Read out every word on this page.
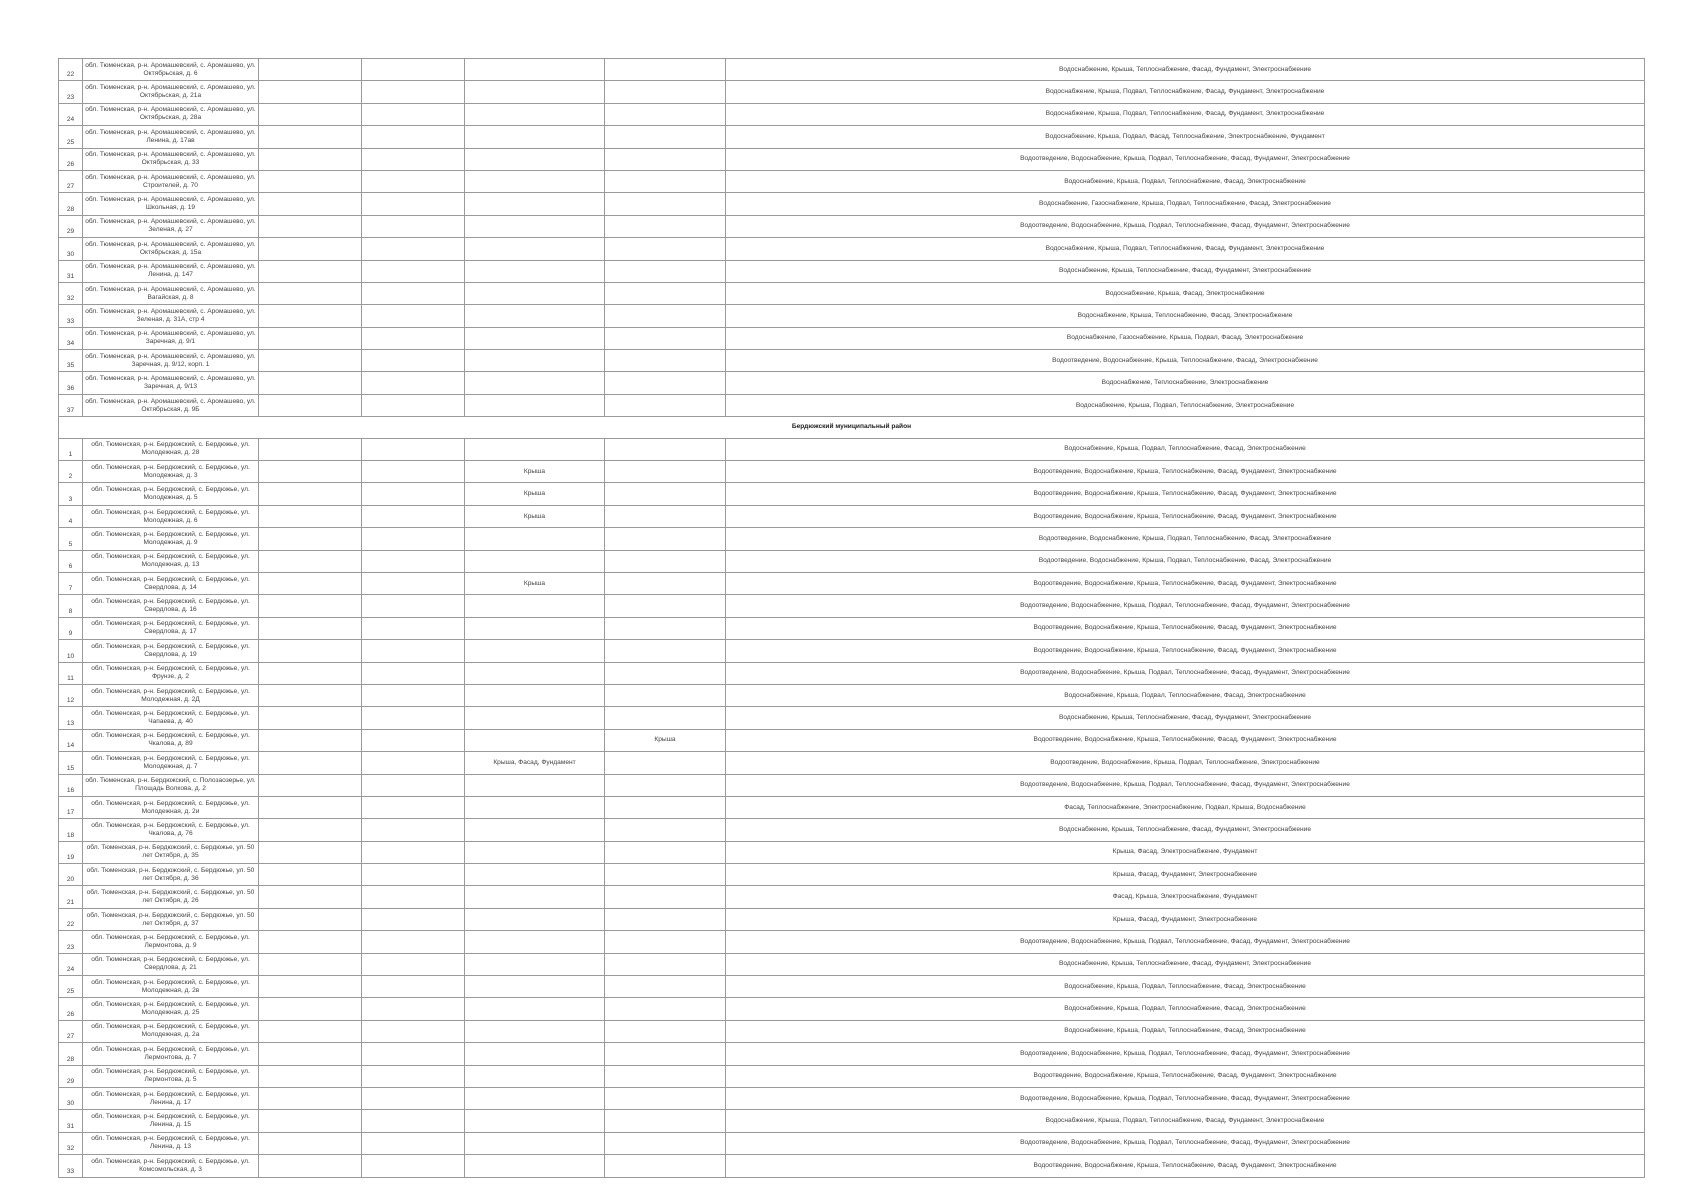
22	обл. Тюменская, р-н. Аромашевский, с. Аромашево, ул. Октябрьская, д. 6					Водоснабжение, Крыша, Теплоснабжение, Фасад, Фундамент, Электроснабжение
23	обл. Тюменская, р-н. Аромашевский, с. Аромашево, ул. Октябрьская, д. 21а					Водоснабжение, Крыша, Подвал, Теплоснабжение, Фасад, Фундамент, Электроснабжение
24	обл. Тюменская, р-н. Аромашевский, с. Аромашево, ул. Октябрьская, д. 28а					Водоснабжение, Крыша, Подвал, Теплоснабжение, Фасад, Фундамент, Электроснабжение
25	обл. Тюменская, р-н. Аромашевский, с. Аромашево, ул. Ленина, д. 17ав					Водоснабжение, Крыша, Подвал, Фасад, Теплоснабжение, Электроснабжение, Фундамент
26	обл. Тюменская, р-н. Аромашевский, с. Аромашево, ул. Октябрьская, д. 33					Водоотведение, Водоснабжение, Крыша, Подвал, Теплоснабжение, Фасад, Фундамент, Электроснабжение
27	обл. Тюменская, р-н. Аромашевский, с. Аромашево, ул. Строителей, д. 70					Водоснабжение, Крыша, Подвал, Теплоснабжение, Фасад, Электроснабжение
28	обл. Тюменская, р-н. Аромашевский, с. Аромашево, ул. Школьная, д. 19					Водоснабжение, Газоснабжение, Крыша, Подвал, Теплоснабжение, Фасад, Электроснабжение
29	обл. Тюменская, р-н. Аромашевский, с. Аромашево, ул. Зеленая, д. 27					Водоотведение, Водоснабжение, Крыша, Подвал, Теплоснабжение, Фасад, Фундамент, Электроснабжение
30	обл. Тюменская, р-н. Аромашевский, с. Аромашево, ул. Октябрьская, д. 15а					Водоснабжение, Крыша, Подвал, Теплоснабжение, Фасад, Фундамент, Электроснабжение
31	обл. Тюменская, р-н. Аромашевский, с. Аромашево, ул. Ленина, д. 147					Водоснабжение, Крыша, Теплоснабжение, Фасад, Фундамент, Электроснабжение
32	обл. Тюменская, р-н. Аромашевский, с. Аромашево, ул. Вагайская, д. 8					Водоснабжение, Крыша, Фасад, Электроснабжение
33	обл. Тюменская, р-н. Аромашевский, с. Аромашево, ул. Зеленая, д. 31А, стр 4					Водоснабжение, Крыша, Теплоснабжение, Фасад, Электроснабжение
34	обл. Тюменская, р-н. Аромашевский, с. Аромашево, ул. Заречная, д. 9/1					Водоснабжение, Газоснабжение, Крыша, Подвал, Фасад, Электроснабжение
35	обл. Тюменская, р-н. Аромашевский, с. Аромашево, ул. Заречная, д. 9/12, корп. 1					Водоотведение, Водоснабжение, Крыша, Теплоснабжение, Фасад, Электроснабжение
36	обл. Тюменская, р-н. Аромашевский, с. Аромашево, ул. Заречная, д. 9/13					Водоснабжение, Теплоснабжение, Электроснабжение
37	обл. Тюменская, р-н. Аромашевский, с. Аромашево, ул. Октябрьская, д. 9Б					Водоснабжение, Крыша, Подвал, Теплоснабжение, Электроснабжение
Бердюжский муниципальный район						
1	обл. Тюменская, р-н. Бердюжский, с. Бердюжье, ул. Молодежная, д. 28					Водоснабжение, Крыша, Подвал, Теплоснабжение, Фасад, Электроснабжение
2	обл. Тюменская, р-н. Бердюжский, с. Бердюжье, ул. Молодежная, д. 3			Крыша		Водоотведение, Водоснабжение, Крыша, Теплоснабжение, Фасад, Фундамент, Электроснабжение
3	обл. Тюменская, р-н. Бердюжский, с. Бердюжье, ул. Молодежная, д. 5			Крыша		Водоотведение, Водоснабжение, Крыша, Теплоснабжение, Фасад, Фундамент, Электроснабжение
4	обл. Тюменская, р-н. Бердюжский, с. Бердюжье, ул. Молодежная, д. 6			Крыша		Водоотведение, Водоснабжение, Крыша, Теплоснабжение, Фасад, Фундамент, Электроснабжение
5	обл. Тюменская, р-н. Бердюжский, с. Бердюжье, ул. Молодежная, д. 9					Водоотведение, Водоснабжение, Крыша, Подвал, Теплоснабжение, Фасад, Электроснабжение
6	обл. Тюменская, р-н. Бердюжский, с. Бердюжье, ул. Молодежная, д. 13					Водоотведение, Водоснабжение, Крыша, Подвал, Теплоснабжение, Фасад, Электроснабжение
7	обл. Тюменская, р-н. Бердюжский, с. Бердюжье, ул. Свердлова, д. 14			Крыша		Водоотведение, Водоснабжение, Крыша, Теплоснабжение, Фасад, Фундамент, Электроснабжение
8	обл. Тюменская, р-н. Бердюжский, с. Бердюжье, ул. Свердлова, д. 16					Водоотведение, Водоснабжение, Крыша, Подвал, Теплоснабжение, Фасад, Фундамент, Электроснабжение
9	обл. Тюменская, р-н. Бердюжский, с. Бердюжье, ул. Свердлова, д. 17					Водоотведение, Водоснабжение, Крыша, Теплоснабжение, Фасад, Фундамент, Электроснабжение
10	обл. Тюменская, р-н. Бердюжский, с. Бердюжье, ул. Свердлова, д. 19					Водоотведение, Водоснабжение, Крыша, Теплоснабжение, Фасад, Фундамент, Электроснабжение
11	обл. Тюменская, р-н. Бердюжский, с. Бердюжье, ул. Фрунзе, д. 2					Водоотведение, Водоснабжение, Крыша, Подвал, Теплоснабжение, Фасад, Фундамент, Электроснабжение
12	обл. Тюменская, р-н. Бердюжский, с. Бердюжье, ул. Молодежная, д. 2Д					Водоснабжение, Крыша, Подвал, Теплоснабжение, Фасад, Электроснабжение
13	обл. Тюменская, р-н. Бердюжский, с. Бердюжье, ул. Чапаева, д. 40					Водоснабжение, Крыша, Теплоснабжение, Фасад, Фундамент, Электроснабжение
14	обл. Тюменская, р-н. Бердюжский, с. Бердюжье, ул. Чкалова, д. 89				Крыша	Водоотведение, Водоснабжение, Крыша, Теплоснабжение, Фасад, Фундамент, Электроснабжение
15	обл. Тюменская, р-н. Бердюжский, с. Бердюжье, ул. Молодежная, д. 7			Крыша, Фасад, Фундамент		Водоотведение, Водоснабжение, Крыша, Подвал, Теплоснабжение, Электроснабжение
16	обл. Тюменская, р-н. Бердюжский, с. Полозаозерье, ул. Площадь Волкова, д. 2					Водоотведение, Водоснабжение, Крыша, Подвал, Теплоснабжение, Фасад, Фундамент, Электроснабжение
17	обл. Тюменская, р-н. Бердюжский, с. Бердюжье, ул. Молодежная, д. 2и					Фасад, Теплоснабжение, Электроснабжение, Подвал, Крыша, Водоснабжение
18	обл. Тюменская, р-н. Бердюжский, с. Бердюжье, ул. Чкалова, д. 76					Водоснабжение, Крыша, Теплоснабжение, Фасад, Фундамент, Электроснабжение
19	обл. Тюменская, р-н. Бердюжский, с. Бердюжье, ул. 50 лет Октября, д. 35					Крыша, Фасад, Электроснабжение, Фундамент
20	обл. Тюменская, р-н. Бердюжский, с. Бердюжье, ул. 50 лет Октября, д. 36					Крыша, Фасад, Фундамент, Электроснабжение
21	обл. Тюменская, р-н. Бердюжский, с. Бердюжье, ул. 50 лет Октября, д. 26					Фасад, Крыша, Электроснабжение, Фундамент
22	обл. Тюменская, р-н. Бердюжский, с. Бердюжье, ул. 50 лет Октября, д. 37					Крыша, Фасад, Фундамент, Электроснабжение
23	обл. Тюменская, р-н. Бердюжский, с. Бердюжье, ул. Лермонтова, д. 9					Водоотведение, Водоснабжение, Крыша, Подвал, Теплоснабжение, Фасад, Фундамент, Электроснабжение
24	обл. Тюменская, р-н. Бердюжский, с. Бердюжье, ул. Свердлова, д. 21					Водоснабжение, Крыша, Теплоснабжение, Фасад, Фундамент, Электроснабжение
25	обл. Тюменская, р-н. Бердюжский, с. Бердюжье, ул. Молодежная, д. 2в					Водоснабжение, Крыша, Подвал, Теплоснабжение, Фасад, Электроснабжение
26	обл. Тюменская, р-н. Бердюжский, с. Бердюжье, ул. Молодежная, д. 25					Водоснабжение, Крыша, Подвал, Теплоснабжение, Фасад, Электроснабжение
27	обл. Тюменская, р-н. Бердюжский, с. Бердюжье, ул. Молодежная, д. 2а					Водоснабжение, Крыша, Подвал, Теплоснабжение, Фасад, Электроснабжение
28	обл. Тюменская, р-н. Бердюжский, с. Бердюжье, ул. Лермонтова, д. 7					Водоотведение, Водоснабжение, Крыша, Подвал, Теплоснабжение, Фасад, Фундамент, Электроснабжение
29	обл. Тюменская, р-н. Бердюжский, с. Бердюжье, ул. Лермонтова, д. 5					Водоотведение, Водоснабжение, Крыша, Теплоснабжение, Фасад, Фундамент, Электроснабжение
30	обл. Тюменская, р-н. Бердюжский, с. Бердюжье, ул. Ленина, д. 17					Водоотведение, Водоснабжение, Крыша, Подвал, Теплоснабжение, Фасад, Фундамент, Электроснабжение
31	обл. Тюменская, р-н. Бердюжский, с. Бердюжье, ул. Ленина, д. 15					Водоснабжение, Крыша, Подвал, Теплоснабжение, Фасад, Фундамент, Электроснабжение
32	обл. Тюменская, р-н. Бердюжский, с. Бердюжье, ул. Ленина, д. 13					Водоотведение, Водоснабжение, Крыша, Подвал, Теплоснабжение, Фасад, Фундамент, Электроснабжение
33	обл. Тюменская, р-н. Бердюжский, с. Бердюжье, ул. Комсомольская, д. 3					Водоотведение, Водоснабжение, Крыша, Теплоснабжение, Фасад, Фундамент, Электроснабжение
